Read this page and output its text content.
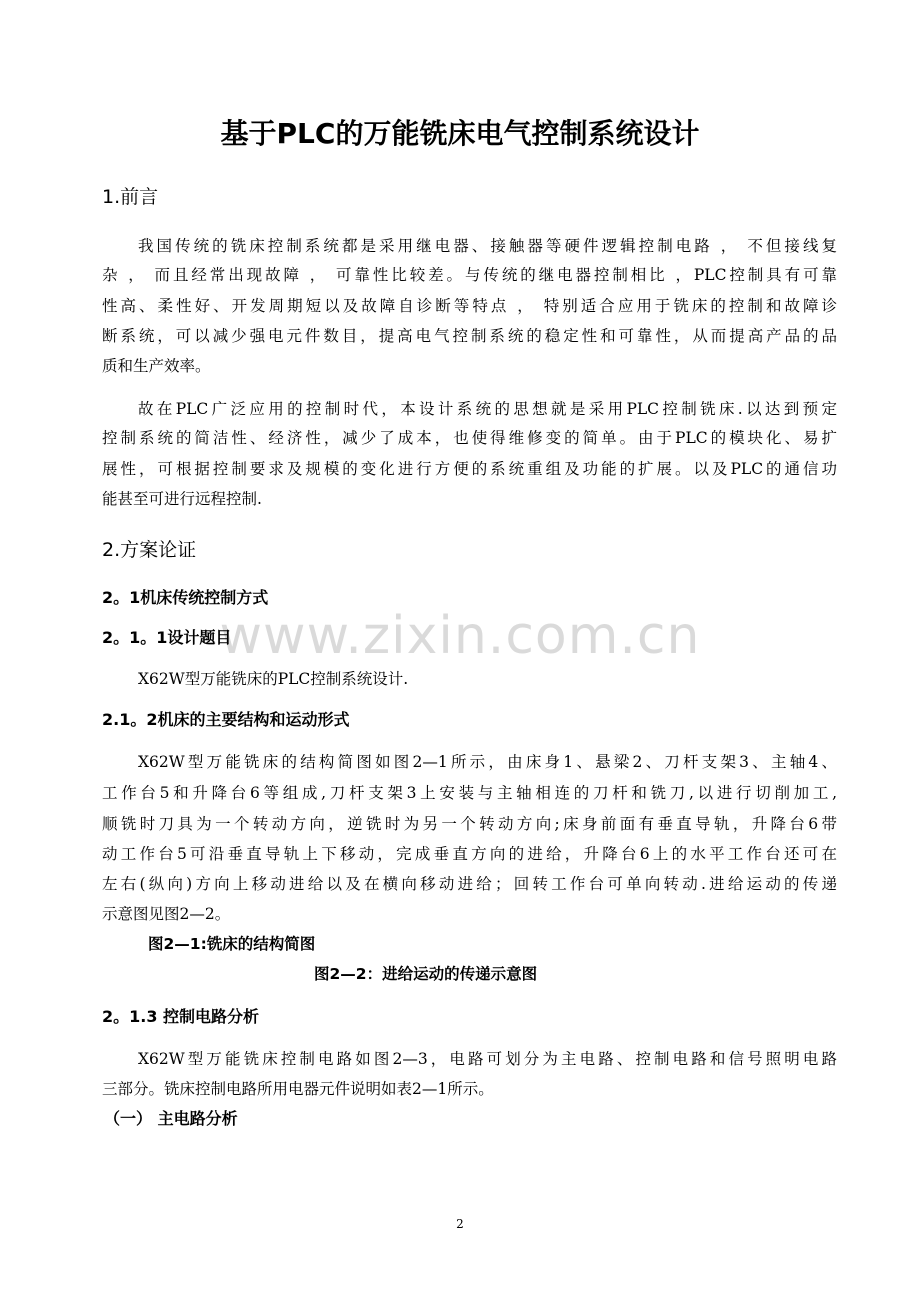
www.zixin.com.cn
基于PLC的万能铣床电气控制系统设计
1.前言
我国传统的铣床控制系统都是采用继电器、接触器等硬件逻辑控制电路 ， 不但接线复
杂 ， 而且经常出现故障 ， 可靠性比较差。与传统的继电器控制相比 ，PLC控制具有可靠
性高、柔性好、开发周期短以及故障自诊断等特点 ， 特别适合应用于铣床的控制和故障诊
断系统，可以减少强电元件数目，提高电气控制系统的稳定性和可靠性，从而提高产品的品
质和生产效率。
故在PLC广泛应用的控制时代，本设计系统的思想就是采用PLC控制铣床.以达到预定
控制系统的简洁性、经济性，减少了成本，也使得维修变的简单。由于PLC的模块化、易扩
展性，可根据控制要求及规模的变化进行方便的系统重组及功能的扩展。以及PLC的通信功
能甚至可进行远程控制.
2.方案论证
2。1机床传统控制方式
2。1。1设计题目
X62W型万能铣床的PLC控制系统设计.
2.1。2机床的主要结构和运动形式
X62W型万能铣床的结构简图如图2—1所示，由床身1、悬梁2、刀杆支架3、主轴4、
工作台5和升降台6等组成,刀杆支架3上安装与主轴相连的刀杆和铣刀,以进行切削加工,
顺铣时刀具为一个转动方向，逆铣时为另一个转动方向;床身前面有垂直导轨，升降台6带
动工作台5可沿垂直导轨上下移动，完成垂直方向的进给，升降台6上的水平工作台还可在
左右(纵向)方向上移动进给以及在横向移动进给；回转工作台可单向转动.进给运动的传递
示意图见图2—2。
图2—1:铣床的结构简图
图2—2：进给运动的传递示意图
2。1.3 控制电路分析
X62W型万能铣床控制电路如图2—3，电路可划分为主电路、控制电路和信号照明电路
三部分。铣床控制电路所用电器元件说明如表2—1所示。
（一） 主电路分析
2
